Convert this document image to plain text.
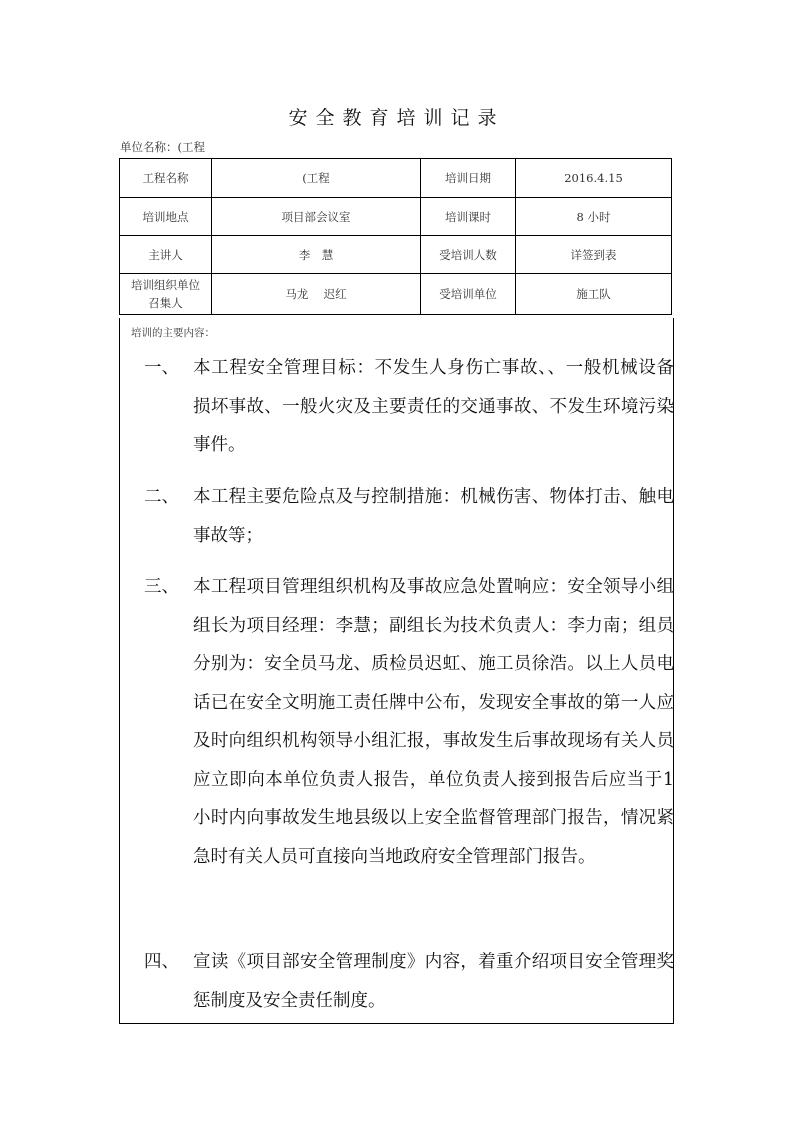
安全教育培训记录
单位名称：(工程
工程名称	(工程	培训日期	2016.4.15
培训地点	项目部会议室	培训课时	8 小时
主讲人	李　慧	受培训人数	详签到表

培训组织单位
召集人	马龙　 迟红	受培训单位	施工队
培训的主要内容：
一、 本工程安全管理目标：不发生人身伤亡事故、、一般机械设备损坏事故、一般火灾及主要责任的交通事故、不发生环境污染事件。
二、 本工程主要危险点及与控制措施：机械伤害、物体打击、触电事故等；
三、 本工程项目管理组织机构及事故应急处置响应：安全领导小组组长为项目经理：李慧；副组长为技术负责人：李力南；组员分别为：安全员马龙、质检员迟虹、施工员徐浩。以上人员电话已在安全文明施工责任牌中公布，发现安全事故的第一人应及时向组织机构领导小组汇报，事故发生后事故现场有关人员应立即向本单位负责人报告，单位负责人接到报告后应当于1小时内向事故发生地县级以上安全监督管理部门报告，情况紧急时有关人员可直接向当地政府安全管理部门报告。
四、 宣读《项目部安全管理制度》内容，着重介绍项目安全管理奖惩制度及安全责任制度。
